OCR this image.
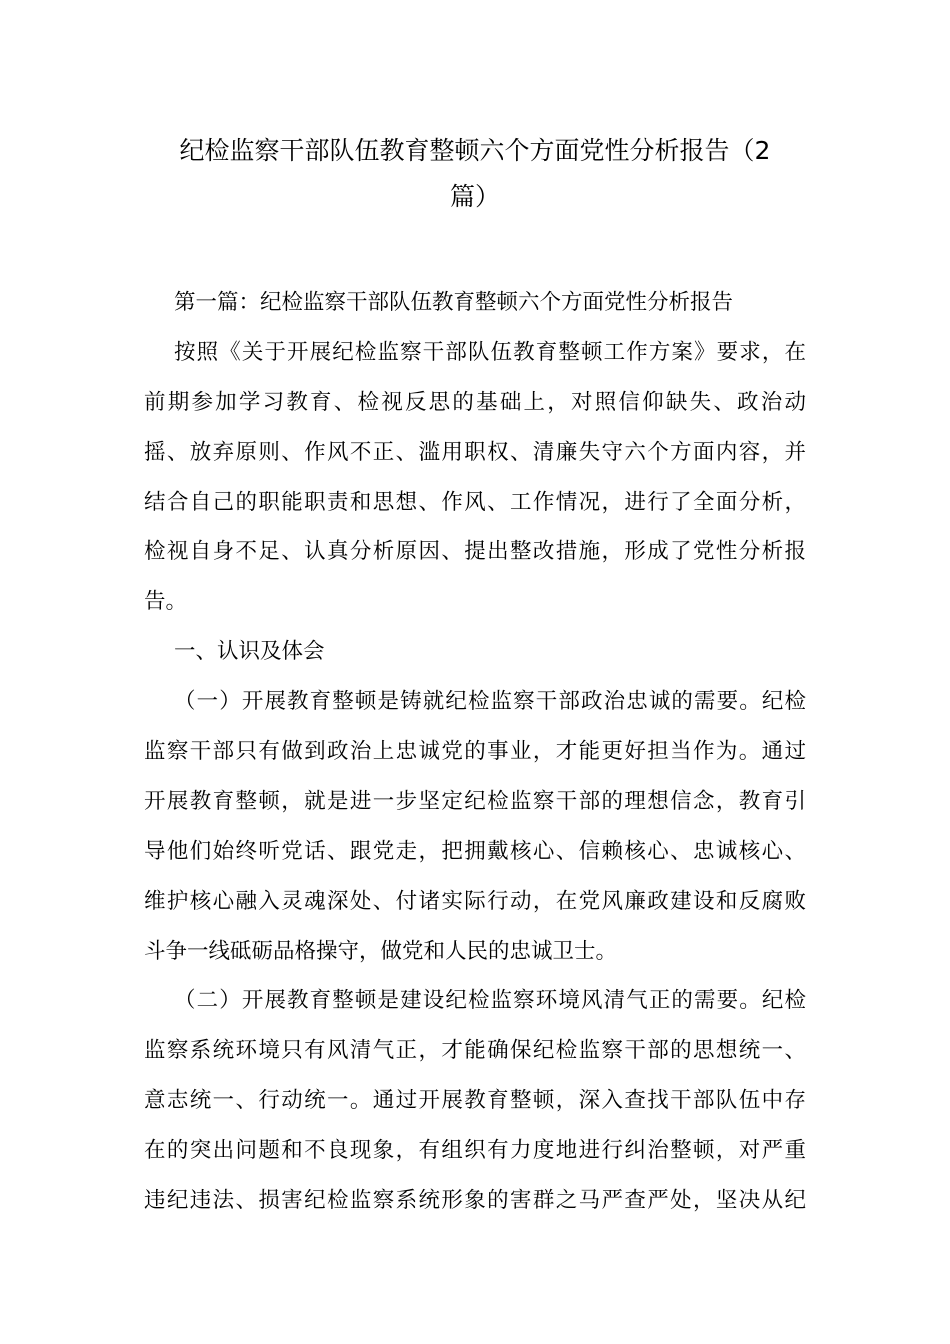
纪检监察干部队伍教育整顿六个方面党性分析报告（2
篇）
第一篇：纪检监察干部队伍教育整顿六个方面党性分析报告
按照《关于开展纪检监察干部队伍教育整顿工作方案》要求，在
前期参加学习教育、检视反思的基础上，对照信仰缺失、政治动
摇、放弃原则、作风不正、滥用职权、清廉失守六个方面内容，并
结合自己的职能职责和思想、作风、工作情况，进行了全面分析，
检视自身不足、认真分析原因、提出整改措施，形成了党性分析报
告。
一、认识及体会
（一）开展教育整顿是铸就纪检监察干部政治忠诚的需要。纪检
监察干部只有做到政治上忠诚党的事业，才能更好担当作为。通过
开展教育整顿，就是进一步坚定纪检监察干部的理想信念，教育引
导他们始终听党话、跟党走，把拥戴核心、信赖核心、忠诚核心、
维护核心融入灵魂深处、付诸实际行动，在党风廉政建设和反腐败
斗争一线砥砺品格操守，做党和人民的忠诚卫士。
（二）开展教育整顿是建设纪检监察环境风清气正的需要。纪检
监察系统环境只有风清气正，才能确保纪检监察干部的思想统一、
意志统一、行动统一。通过开展教育整顿，深入查找干部队伍中存
在的突出问题和不良现象，有组织有力度地进行纠治整顿，对严重
违纪违法、损害纪检监察系统形象的害群之马严查严处，坚决从纪
